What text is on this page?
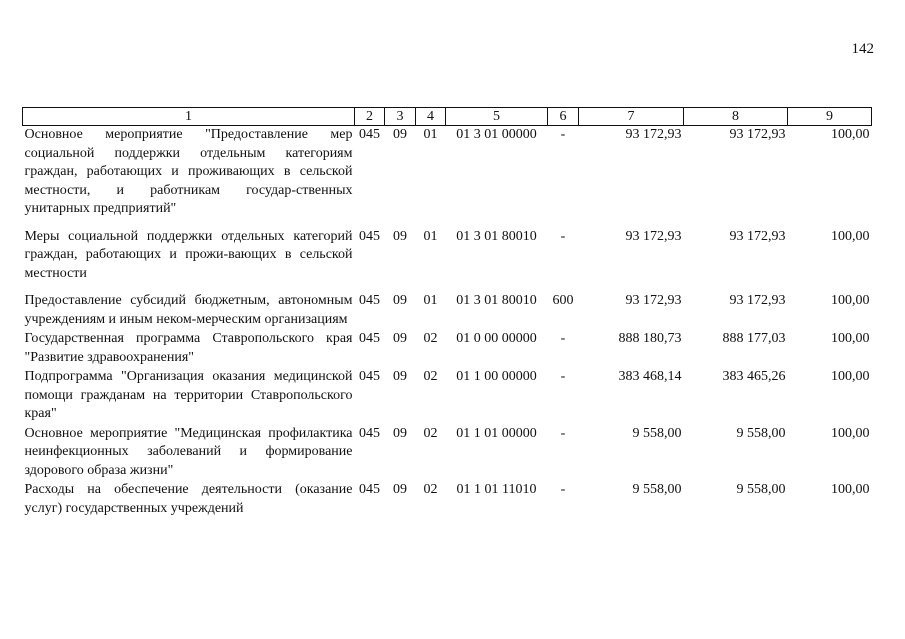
142
1	2	3	4	5	6	7	8	9
Основное мероприятие "Предоставление мер социальной поддержки отдельным категориям граждан, работающих и проживающих в сельской местности, и работникам государ-ственных унитарных предприятий"	045	09	01	01 3 01 00000	-	93 172,93	93 172,93	100,00
Меры социальной поддержки отдельных категорий граждан, работающих и прожи-вающих в сельской местности	045	09	01	01 3 01 80010	-	93 172,93	93 172,93	100,00
Предоставление субсидий бюджетным, автономным учреждениям и иным неком-мерческим организациям	045	09	01	01 3 01 80010	600	93 172,93	93 172,93	100,00
Государственная программа Ставропольского края "Развитие здравоохранения"	045	09	02	01 0 00 00000	-	888 180,73	888 177,03	100,00
Подпрограмма "Организация оказания медицинской помощи гражданам на территории Ставропольского края"	045	09	02	01 1 00 00000	-	383 468,14	383 465,26	100,00
Основное мероприятие "Медицинская профилактика неинфекционных заболеваний и формирование здорового образа жизни"	045	09	02	01 1 01 00000	-	9 558,00	9 558,00	100,00
Расходы на обеспечение деятельности (оказание услуг) государственных учреждений	045	09	02	01 1 01 11010	-	9 558,00	9 558,00	100,00
